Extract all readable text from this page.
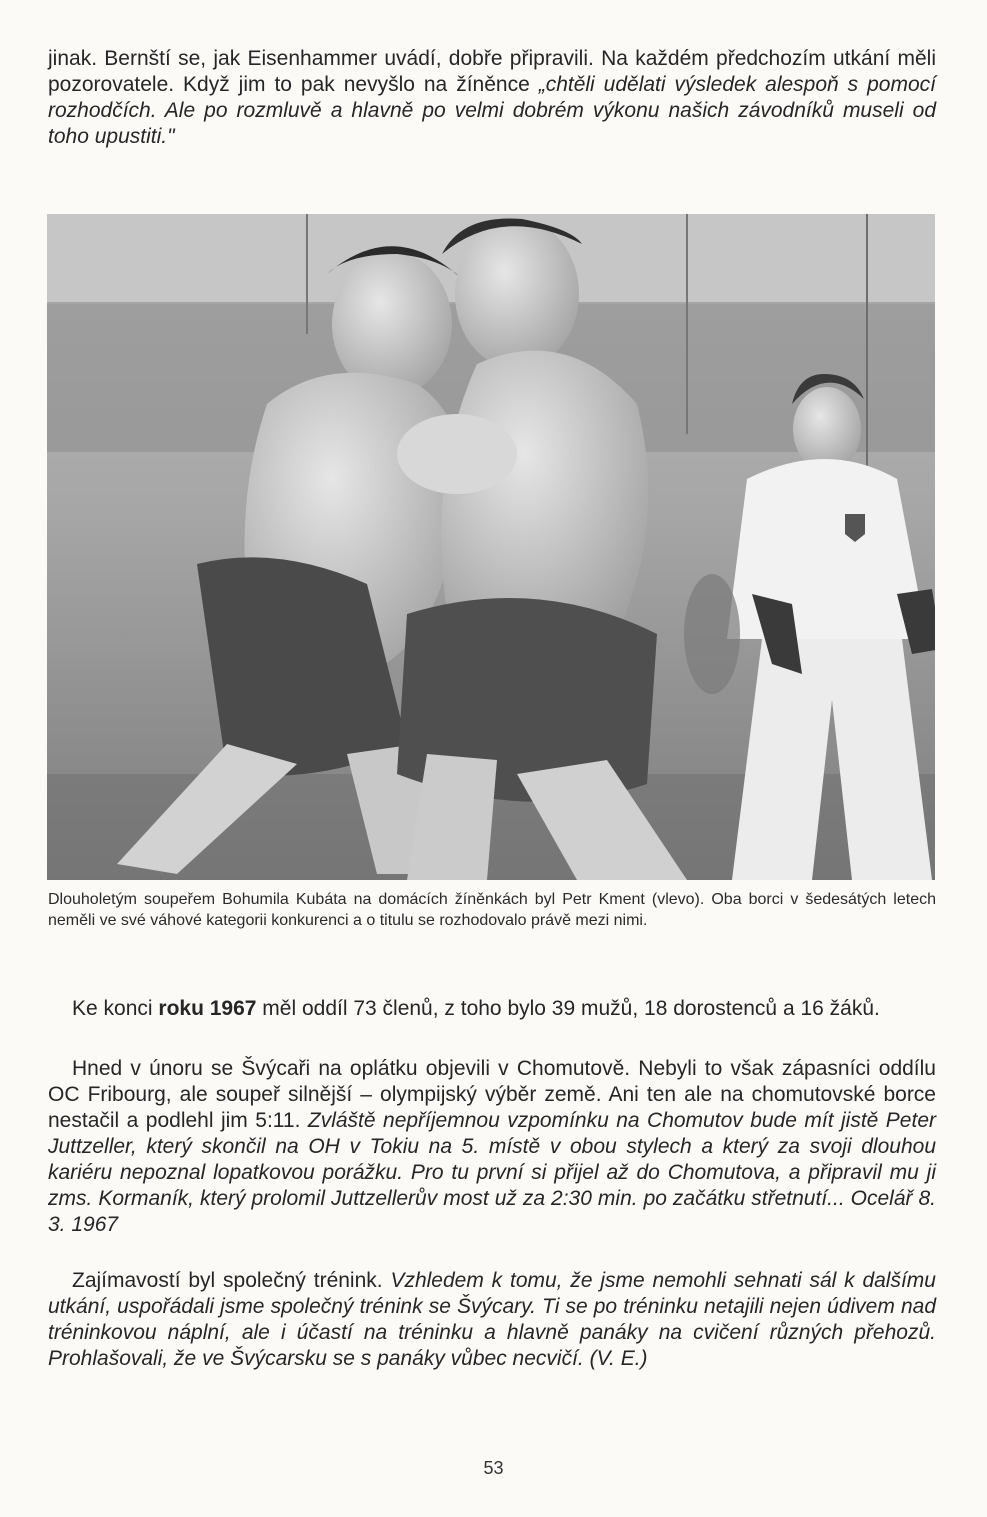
jinak. Bernští se, jak Eisenhammer uvádí, dobře připravili. Na každém předchozím utkání měli pozorovatele. Když jim to pak nevyšlo na žíněnce „chtěli udělati výsledek alespoň s pomocí rozhodčích. Ale po rozmluvě a hlavně po velmi dobrém výkonu našich závodníků museli od toho upustiti."

Dlouholetým soupeřem Bohumila Kubáta na domácích žíněnkách byl Petr Kment (vlevo). Oba borci v šedesátých letech neměli ve své váhové kategorii konkurenci a o titulu se rozhodovalo právě mezi nimi.

Ke konci roku 1967 měl oddíl 73 členů, z toho bylo 39 mužů, 18 dorostenců a 16 žáků.

Hned v únoru se Švýcaři na oplátku objevili v Chomutově. Nebyli to však zápasníci oddílu OC Fribourg, ale soupeř silnější – olympijský výběr země. Ani ten ale na chomutovské borce nestačil a podlehl jim 5:11. Zvláště nepříjemnou vzpomínku na Chomutov bude mít jistě Peter Juttzeller, který skončil na OH v Tokiu na 5. místě v obou stylech a který za svoji dlouhou kariéru nepoznal lopatkovou porážku. Pro tu první si přijel až do Chomutova, a připravil mu ji zms. Kormaník, který prolomil Juttzellerův most už za 2:30 min. po začátku střetnutí... Ocelář 8. 3. 1967

Zajímavostí byl společný trénink. Vzhledem k tomu, že jsme nemohli sehnati sál k dalšímu utkání, uspořádali jsme společný trénink se Švýcary. Ti se po tréninku netajili nejen údivem nad tréninkovou náplní, ale i účastí na tréninku a hlavně panáky na cvičení různých přehozů. Prohlašovali, že ve Švýcarsku se s panáky vůbec necvičí. (V. E.)

53
